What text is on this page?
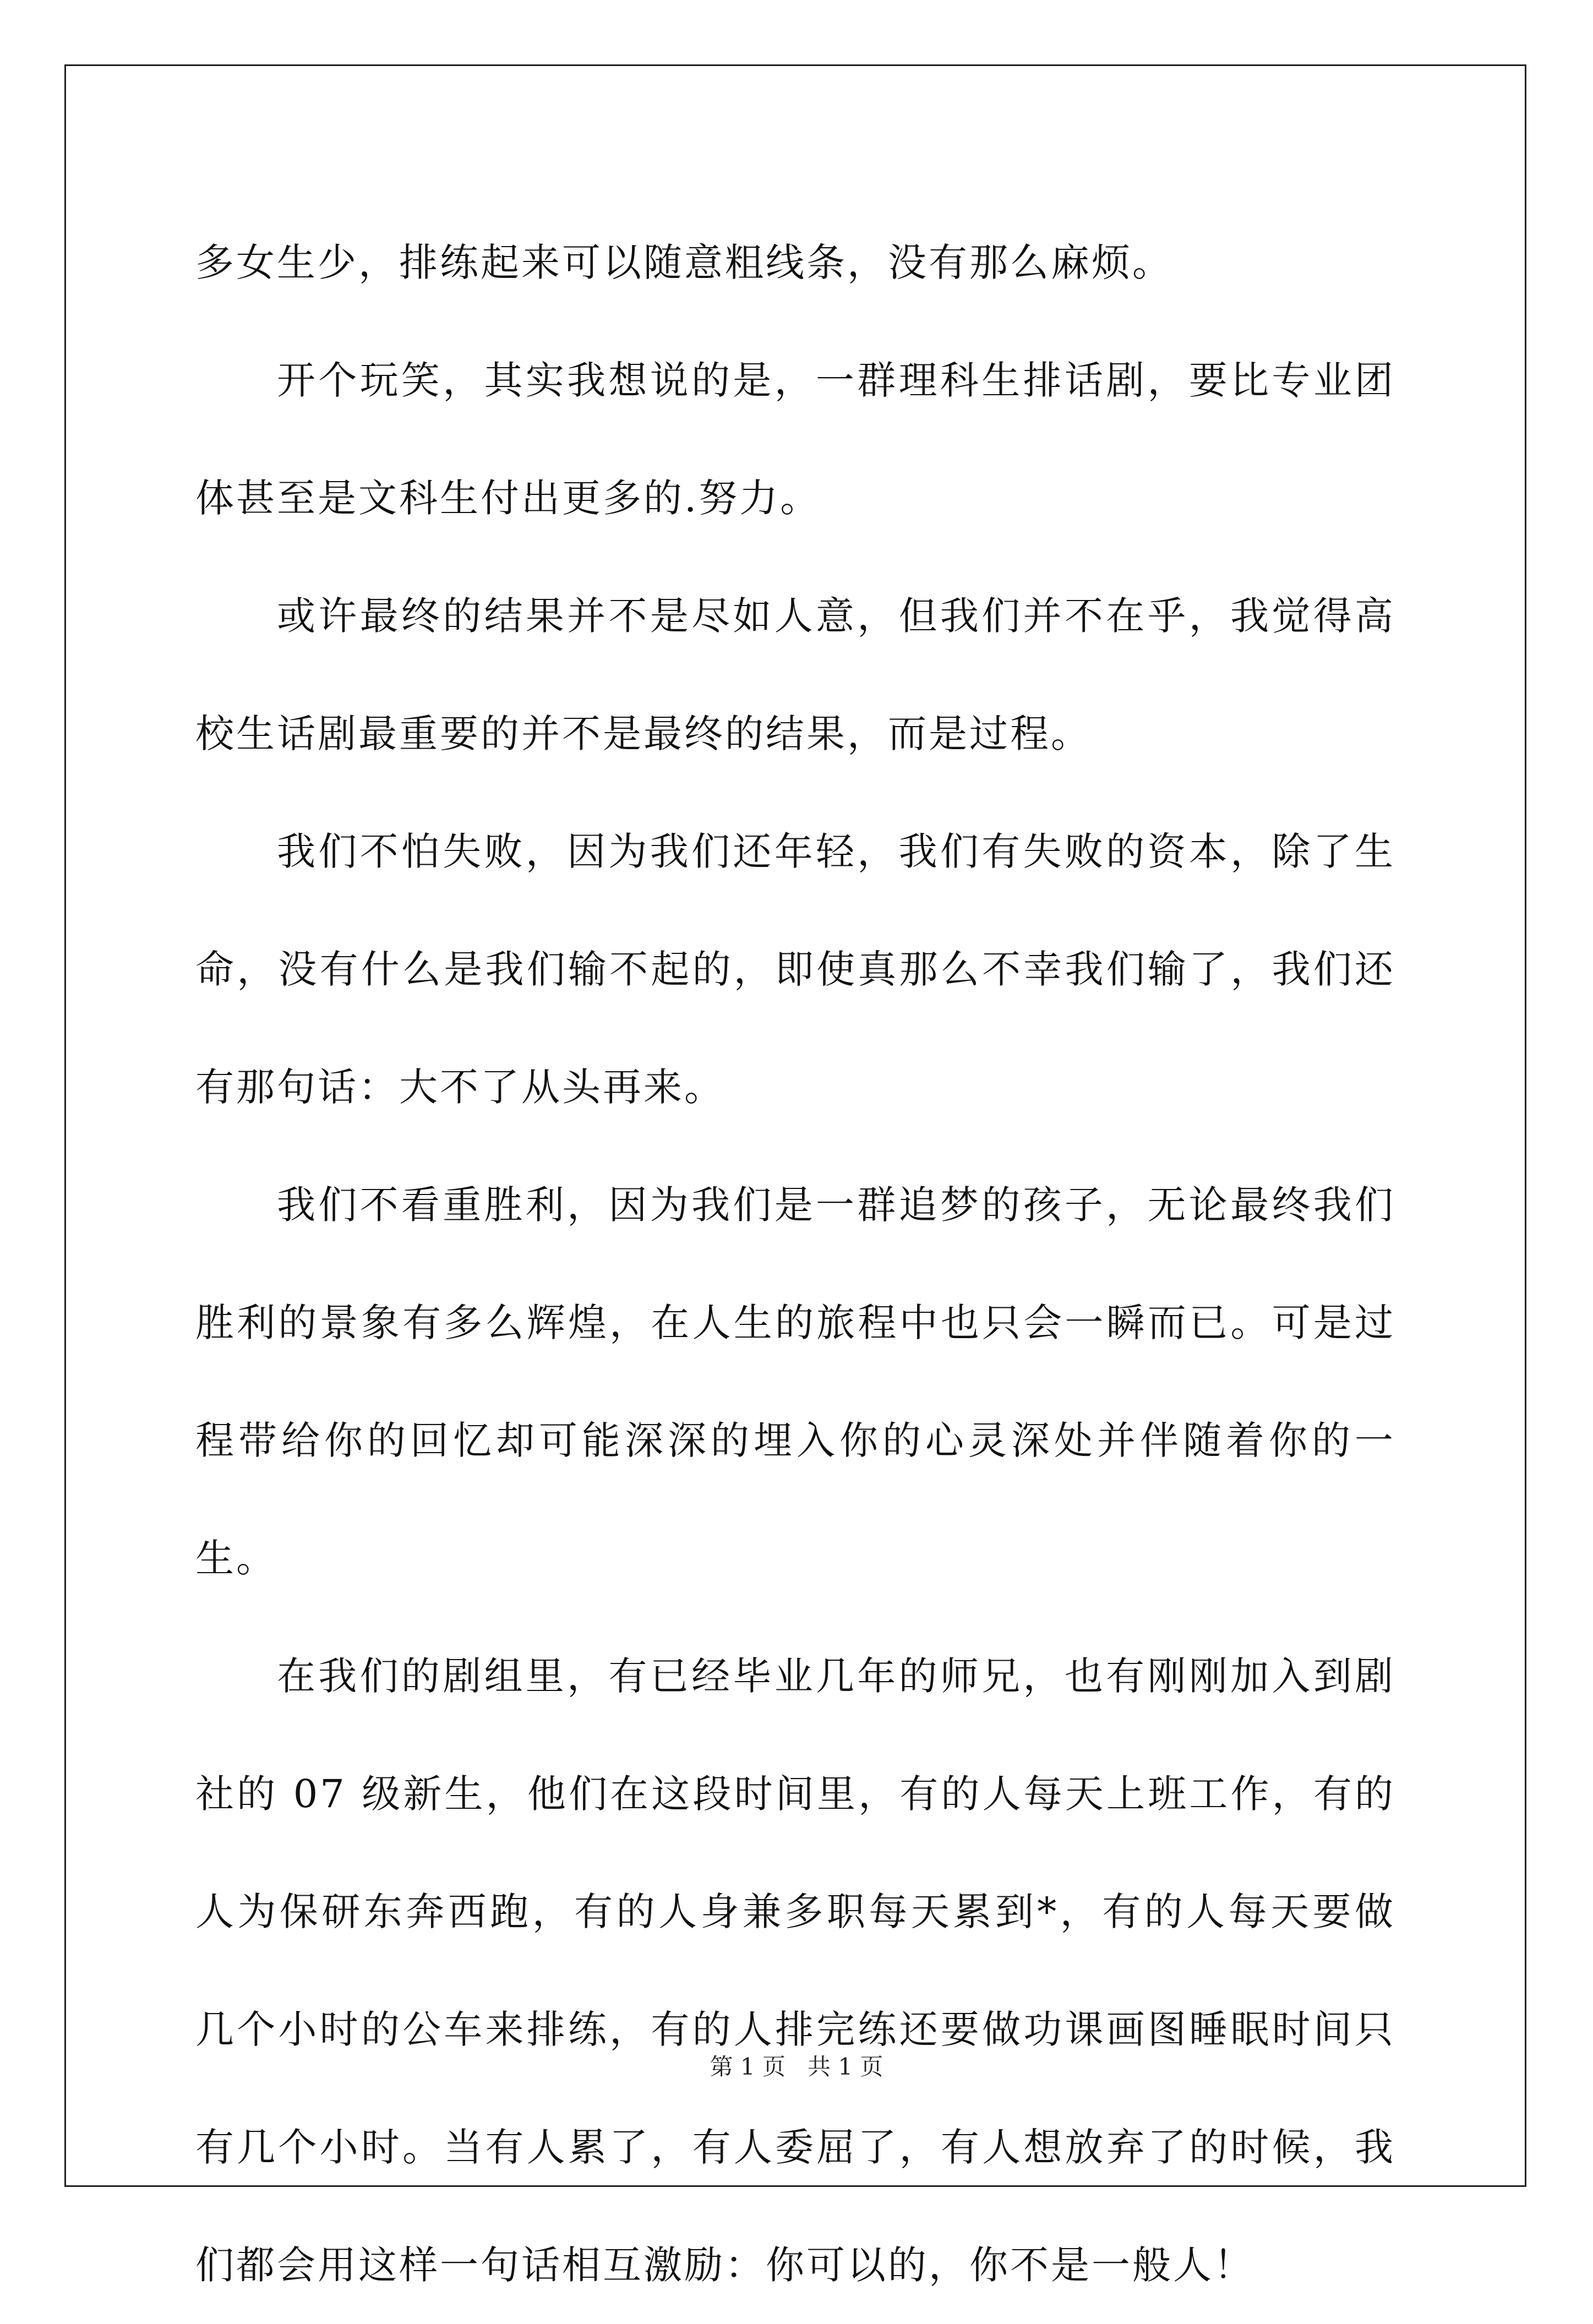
多女生少，排练起来可以随意粗线条，没有那么麻烦。

开个玩笑，其实我想说的是，一群理科生排话剧，要比专业团体甚至是文科生付出更多的.努力。

或许最终的结果并不是尽如人意，但我们并不在乎，我觉得高校生话剧最重要的并不是最终的结果，而是过程。

我们不怕失败，因为我们还年轻，我们有失败的资本，除了生命，没有什么是我们输不起的，即使真那么不幸我们输了，我们还有那句话：大不了从头再来。

我们不看重胜利，因为我们是一群追梦的孩子，无论最终我们胜利的景象有多么辉煌，在人生的旅程中也只会一瞬而已。可是过程带给你的回忆却可能深深的埋入你的心灵深处并伴随着你的一生。

在我们的剧组里，有已经毕业几年的师兄，也有刚刚加入到剧社的 07 级新生，他们在这段时间里，有的人每天上班工作，有的人为保研东奔西跑，有的人身兼多职每天累到*，有的人每天要做几个小时的公车来排练，有的人排完练还要做功课画图睡眠时间只有几个小时。当有人累了，有人委屈了，有人想放弃了的时候，我们都会用这样一句话相互激励：你可以的，你不是一般人！

第 1 页 共 1 页
